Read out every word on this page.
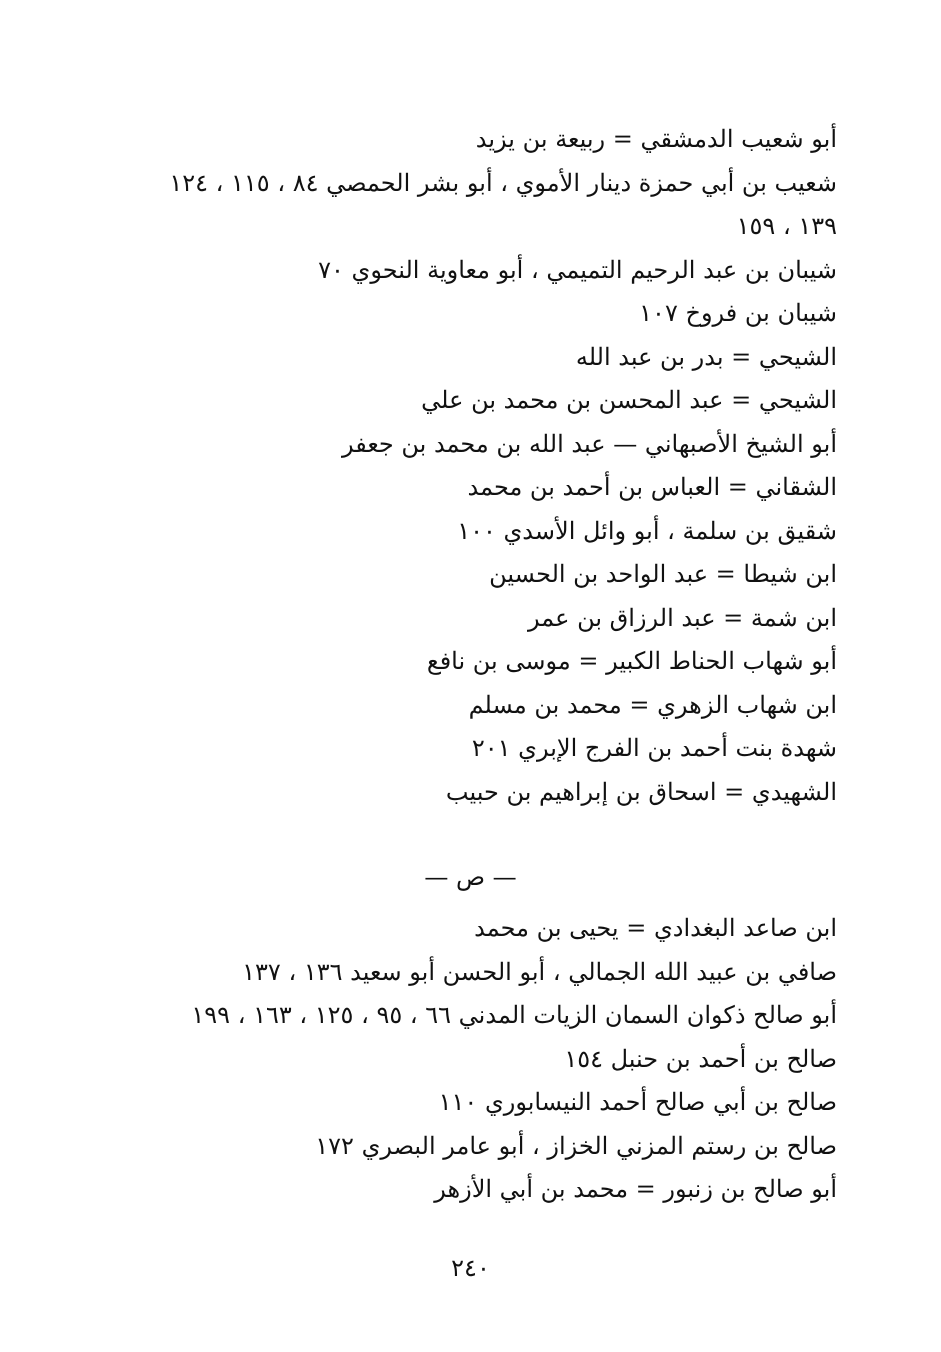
أبو شعيب الدمشقي = ربيعة بن يزيد
شعيب بن أبي حمزة دينار الأموي ، أبو بشر الحمصي ٨٤ ، ١١٥ ، ١٢٤
١٣٩ ، ١٥٩
شيبان بن عبد الرحيم التميمي ، أبو معاوية النحوي ٧٠
شيبان بن فروخ ١٠٧
الشيحي = بدر بن عبد الله
الشيحي = عبد المحسن بن محمد بن علي
أبو الشيخ الأصبهاني — عبد الله بن محمد بن جعفر
الشقاني = العباس بن أحمد بن محمد
شقيق بن سلمة ، أبو وائل الأسدي ١٠٠
ابن شيطا = عبد الواحد بن الحسين
ابن شمة = عبد الرزاق بن عمر
أبو شهاب الحناط الكبير = موسى بن نافع
ابن شهاب الزهري = محمد بن مسلم
شهدة بنت أحمد بن الفرج الإبري ٢٠١
الشهيدي = اسحاق بن إبراهيم بن حبيب
— ص —
ابن صاعد البغدادي = يحيى بن محمد
صافي بن عبيد الله الجمالي ، أبو الحسن أبو سعيد ١٣٦ ، ١٣٧
أبو صالح ذكوان السمان الزيات المدني ٦٦ ، ٩٥ ، ١٢٥ ، ١٦٣ ، ١٩٩
صالح بن أحمد بن حنبل ١٥٤
صالح بن أبي صالح أحمد النيسابوري ١١٠
صالح بن رستم المزني الخزاز ، أبو عامر البصري ١٧٢
أبو صالح بن زنبور = محمد بن أبي الأزهر
٢٤٠
